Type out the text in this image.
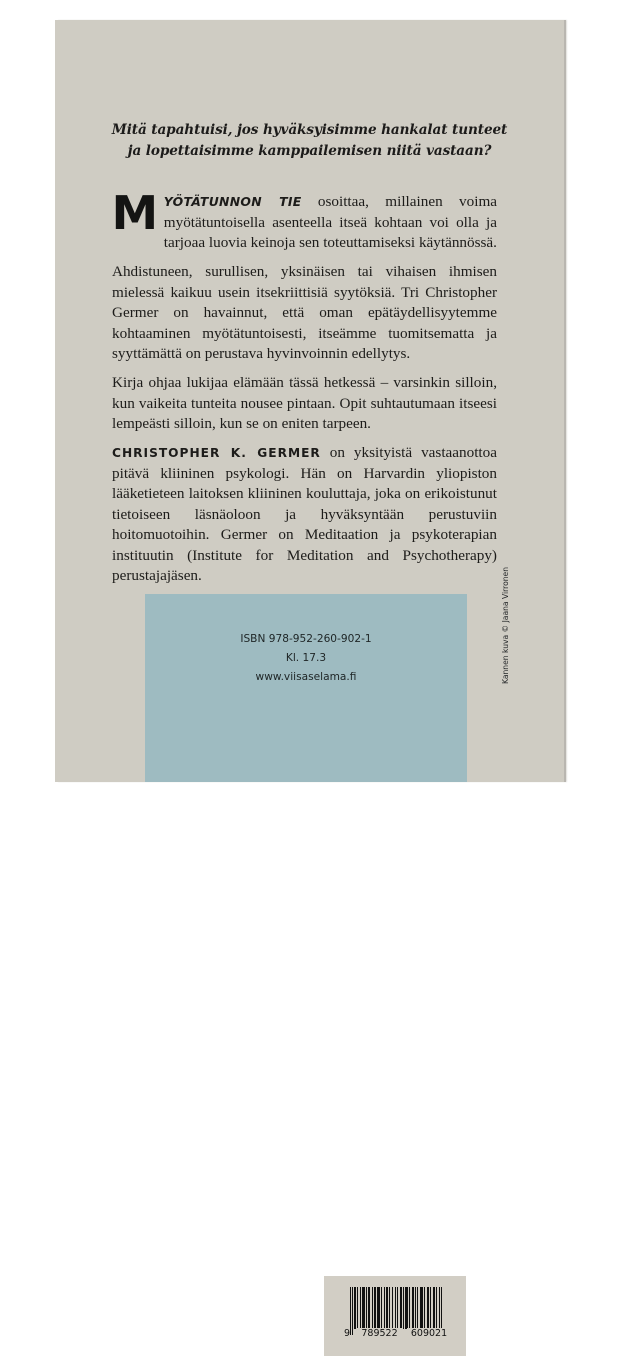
Mitä tapahtuisi, jos hyväksyisimme hankalat tunteet
ja lopettaisimme kamppailemisen niitä vastaan?

MYÖTÄTUNNON TIE osoittaa, millainen voima myötätuntoisella asenteella itseä kohtaan voi olla ja tarjoaa luovia keinoja sen toteuttamiseksi käytännössä.

Ahdistuneen, surullisen, yksinäisen tai vihaisen ihmisen mielessä kaikuu usein itsekriittisiä syytöksiä. Tri Christopher Germer on havainnut, että oman epätäydellisyytemme kohtaaminen myötätuntoisesti, itseämme tuomitsematta ja syyttämättä on perustava hyvinvoinnin edellytys.

Kirja ohjaa lukijaa elämään tässä hetkessä – varsinkin silloin, kun vaikeita tunteita nousee pintaan. Opit suhtautumaan itseesi lempeästi silloin, kun se on eniten tarpeen.

CHRISTOPHER K. GERMER on yksityistä vastaanottoa pitävä kliininen psykologi. Hän on Harvardin yliopiston lääketieteen laitoksen kliininen kouluttaja, joka on erikoistunut tietoiseen läsnäoloon ja hyväksyntään perustuviin hoitomuotoihin. Germer on Meditaation ja psykoterapian instituutin (Institute for Meditation and Psychotherapy) perustajajäsen.

ISBN 978-952-260-902-1
Kl. 17.3
www.viisaselama.fi
9 789522 609021
Kannen kuva © Jaana Virronen
